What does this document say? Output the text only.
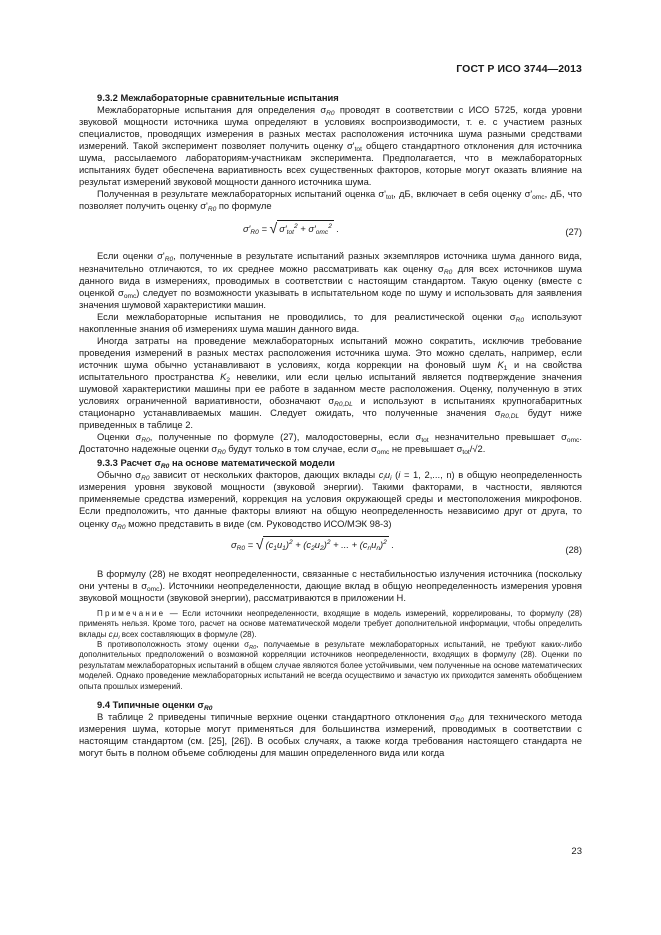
ГОСТ Р ИСО 3744—2013

9.3.2 Межлабораторные сравнительные испытания

Межлабораторные испытания для определения $\sigma_{R0}$ проводят в соответствии с ИСО 5725, когда уровни звуковой мощности источника шума определяют в условиях воспроизводимости, т. е. с участием разных специалистов, проводящих измерения в разных местах расположения источника шума разными средствами измерений. Такой эксперимент позволяет получить оценку $\sigma'_{tot}$ общего стандартного отклонения для источника шума, рассылаемого лабораториям-участникам эксперимента. Предполагается, что в межлабораторных испытаниях будет обеспечена вариативность всех существенных факторов, которые могут оказать влияние на результат измерений звуковой мощности данного источника шума.

Полученная в результате межлабораторных испытаний оценка $\sigma'_{tot}$, дБ, включает в себя оценку $\sigma'_{omc}$, дБ, что позволяет получить оценку $\sigma'_{R0}$ по формуле

$\sigma'_{R0}$ = √ $\sigma'_{tot}^2 + \sigma'_{omc}^2$ .	(27)

Если оценки $\sigma'_{R0}$, полученные в результате испытаний разных экземпляров источника шума данного вида, незначительно отличаются, то их среднее можно рассматривать как оценку $\sigma_{R0}$ для всех источников шума данного вида в измерениях, проводимых в соответствии с настоящим стандартом. Такую оценку (вместе с оценкой $\sigma_{omc}$) следует по возможности указывать в испытательном коде по шуму и использовать для заявления значения шумовой характеристики машин.

Если межлабораторные испытания не проводились, то для реалистической оценки $\sigma_{R0}$ используют накопленные знания об измерениях шума машин данного вида.

Иногда затраты на проведение межлабораторных испытаний можно сократить, исключив требование проведения измерений в разных местах расположения источника шума. Это можно сделать, например, если источник шума обычно устанавливают в условиях, когда коррекции на фоновый шум $K_1$ и на свойства испытательного пространства $K_2$ невелики, или если целью испытаний является подтверждение значения шумовой характеристики машины при ее работе в заданном месте расположения. Оценку, полученную в этих условиях ограниченной вариативности, обозначают $\sigma_{R0,DL}$ и используют в испытаниях крупногабаритных стационарно устанавливаемых машин. Следует ожидать, что полученные значения $\sigma_{R0,DL}$ будут ниже приведенных в таблице 2.

Оценки $\sigma_{R0}$, полученные по формуле (27), малодостоверны, если $\sigma_{tot}$ незначительно превышает $\sigma_{omc}$. Достаточно надежные оценки $\sigma_{R0}$ будут только в том случае, если $\sigma_{omc}$ не превышает $\sigma_{tot}/√2$.

9.3.3 Расчет $\sigma_{R0}$ на основе математической модели

Обычно $\sigma_{R0}$ зависит от нескольких факторов, дающих вклады $c_iu_i$ (i = 1, 2,..., n) в общую неопределенность измерения уровня звуковой мощности (звуковой энергии). Такими факторами, в частности, являются применяемые средства измерений, коррекция на условия окружающей среды и местоположения микрофонов. Если предположить, что данные факторы влияют на общую неопределенность независимо друг от друга, то оценку $\sigma_{R0}$ можно представить в виде (см. Руководство ИСО/МЭК 98-3)

$\sigma_{R0}$ = √ $(c_1u_1)^2 + (c_2u_2)^2$ + ... + $(c_nu_n)^2$ .	(28)

В формулу (28) не входят неопределенности, связанные с нестабильностью излучения источника (поскольку они учтены в $\sigma_{omc}$). Источники неопределенности, дающие вклад в общую неопределенность измерения уровня звуковой мощности (звуковой энергии), рассматриваются в приложении Н.

Примечание — Если источники неопределенности, входящие в модель измерений, коррелированы, то формулу (28) применять нельзя. Кроме того, расчет на основе математической модели требует дополнительной информации, чтобы определить вклады $c_iu_i$ всех составляющих в формуле (28).

В противоположность этому оценки $\sigma_{R0}$, получаемые в результате межлабораторных испытаний, не требуют каких-либо дополнительных предположений о возможной корреляции источников неопределенности, входящих в формулу (28). Оценки по результатам межлабораторных испытаний в общем случае являются более устойчивыми, чем полученные на основе математических моделей. Однако проведение межлабораторных испытаний не всегда осуществимо и зачастую их приходится заменять обобщением опыта прошлых измерений.

9.4 Типичные оценки $\sigma_{R0}$

В таблице 2 приведены типичные верхние оценки стандартного отклонения $\sigma_{R0}$ для технического метода измерения шума, которые могут применяться для большинства измерений, проводимых в соответствии с настоящим стандартом (см. [25], [26]). В особых случаях, а также когда требования настоящего стандарта не могут быть в полном объеме соблюдены для машин определенного вида или когда

23
